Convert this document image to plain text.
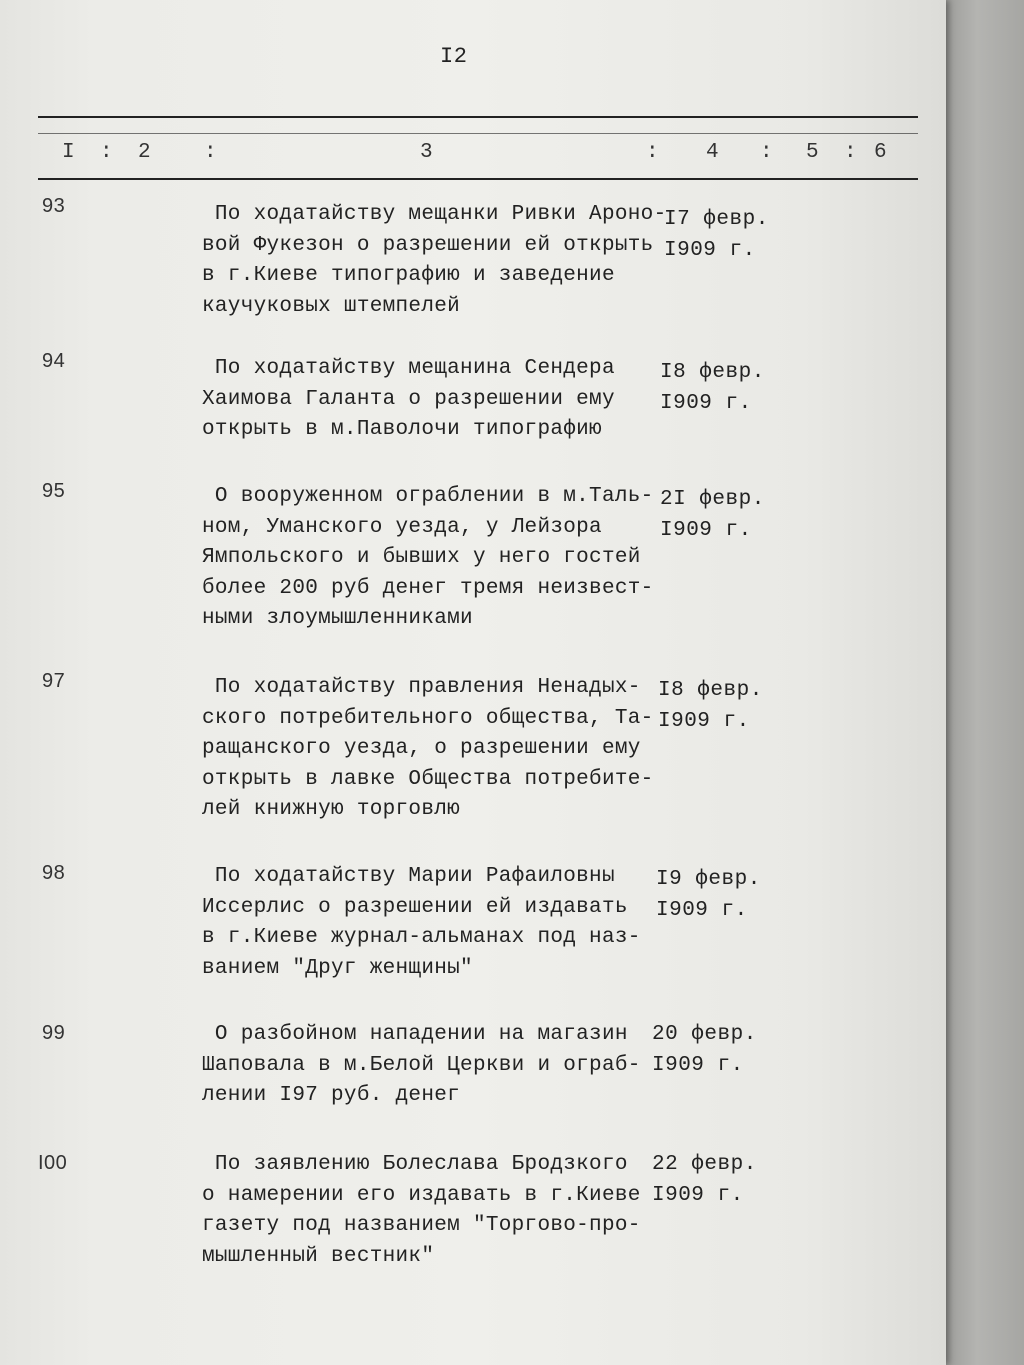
I2
I : 2	:	3	: 4 : 5 : 6
93	По ходатайству мещанки Ривки Ароно-
вой Фукезон о разрешении ей открыть
в г.Киеве типографию и заведение
каучуковых штемпелей
I7 февр.
I909 г.
94	По ходатайству мещанина Сендера
Хаимова Галанта о разрешении ему
открыть в м.Паволочи типографию
I8 февр.
I909 г.
95	О вооруженном ограблении в м.Таль-
ном, Уманского уезда, у Лейзора
Ямпольского и бывших у него гостей
более 200 руб денег тремя неизвест-
ными злоумышленниками
2I февр.
I909 г.
97	По ходатайству правления Ненадых-
ского потребительного общества, Та-
ращанского уезда, о разрешении ему
открыть в лавке Общества потребите-
лей книжную торговлю
I8 февр.
I909 г.
98	По ходатайству Марии Рафаиловны
Иссерлис о разрешении ей издавать
в г.Киеве журнал-альманах под наз-
ванием "Друг женщины"
I9 февр.
I909 г.
99	О разбойном нападении на магазин
Шаповала в м.Белой Церкви и ограб-
лении I97 руб. денег
20 февр.
I909 г.
I00	По заявлению Болеслава Бродзкого
о намерении его издавать в г.Киеве
газету под названием "Торгово-про-
мышленный вестник"
22 февр.
I909 г.
